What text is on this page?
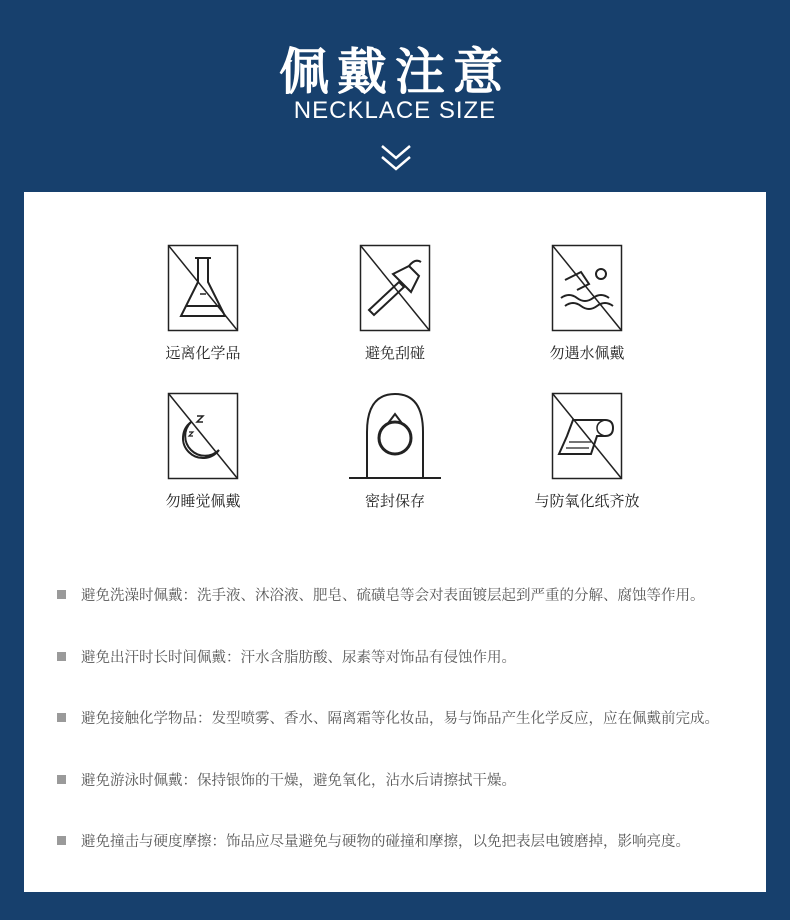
佩戴注意
NECKLACE SIZE
远离化学品	避免刮碰	勿遇水佩戴
勿睡觉佩戴	密封保存	与防氧化纸齐放
避免洗澡时佩戴：洗手液、沐浴液、肥皂、硫磺皂等会对表面镀层起到严重的分解、腐蚀等作用。
避免出汗时长时间佩戴：汗水含脂肪酸、尿素等对饰品有侵蚀作用。
避免接触化学物品：发型喷雾、香水、隔离霜等化妆品，易与饰品产生化学反应，应在佩戴前完成。
避免游泳时佩戴：保持银饰的干燥，避免氧化，沾水后请擦拭干燥。
避免撞击与硬度摩擦：饰品应尽量避免与硬物的碰撞和摩擦，以免把表层电镀磨掉，影响亮度。
